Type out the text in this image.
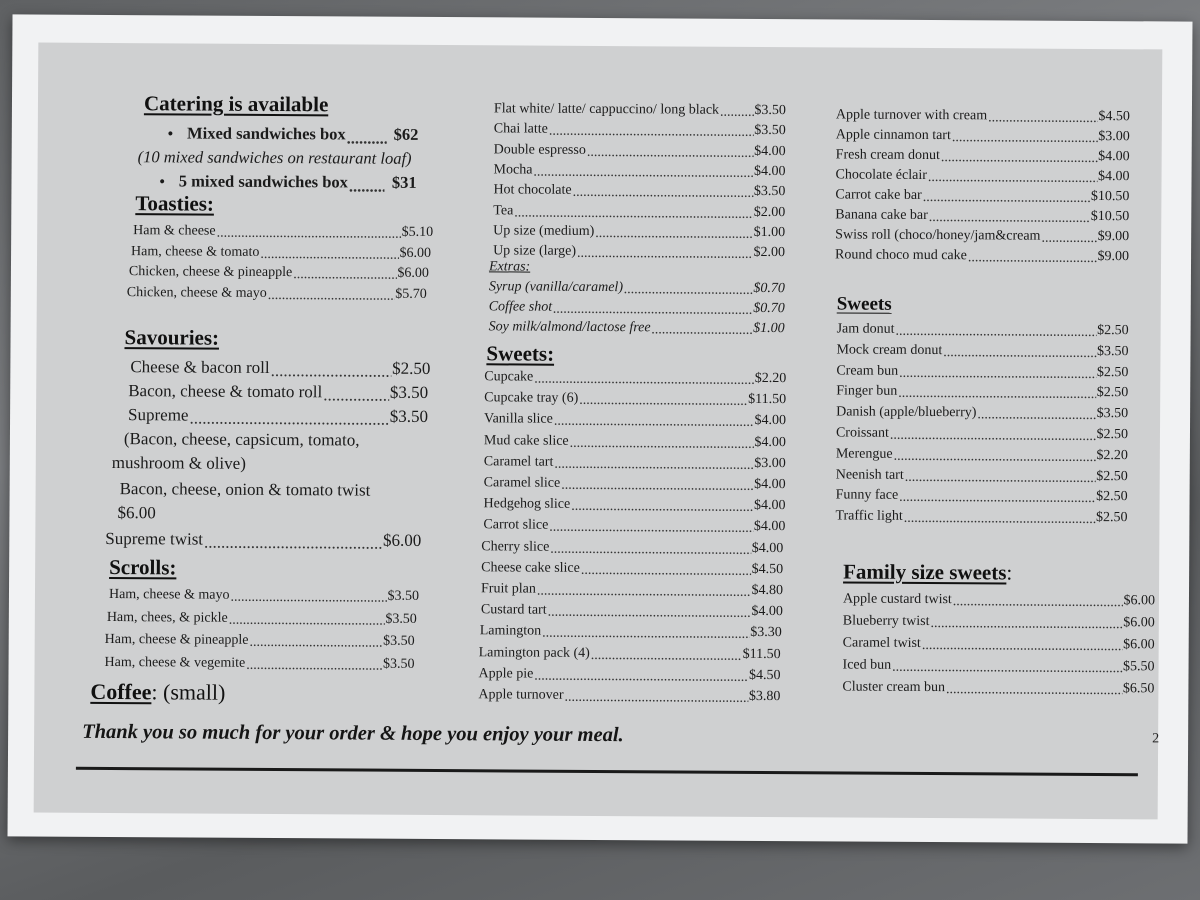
Catering is available
• Mixed sandwiches box .....	$62
(10 mixed sandwiches on restaurant loaf)
• 5 mixed sandwiches box .....	$31
Toasties:
Ham & cheese .....	$5.10
Ham, cheese & tomato .....	$6.00
Chicken, cheese & pineapple .....	$6.00
Chicken, cheese & mayo .....	$5.70
Savouries:
Cheese & bacon roll .....	$2.50
Bacon, cheese & tomato roll .....	$3.50
Supreme .....	$3.50
(Bacon, cheese, capsicum, tomato,
mushroom & olive)
Bacon, cheese, onion & tomato twist
$6.00
Supreme twist .....	$6.00
Scrolls:
Ham, cheese & mayo .....	$3.50
Ham, chees, & pickle .....	$3.50
Ham, cheese & pineapple .....	$3.50
Ham, cheese & vegemite .....	$3.50
Coffee: (small)
Flat white/ latte/ cappuccino/ long black .....	$3.50
Chai latte .....	$3.50
Double espresso .....	$4.00
Mocha .....	$4.00
Hot chocolate .....	$3.50
Tea .....	$2.00
Up size (medium) .....	$1.00
Up size (large) .....	$2.00
Extras:
Syrup (vanilla/caramel) .....	$0.70
Coffee shot .....	$0.70
Soy milk/almond/lactose free .....	$1.00
Sweets:
Cupcake .....	$2.20
Cupcake tray (6) .....	$11.50
Vanilla slice .....	$4.00
Mud cake slice .....	$4.00
Caramel tart .....	$3.00
Caramel slice .....	$4.00
Hedgehog slice .....	$4.00
Carrot slice .....	$4.00
Cherry slice .....	$4.00
Cheese cake slice .....	$4.50
Fruit plan .....	$4.80
Custard tart .....	$4.00
Lamington .....	$3.30
Lamington pack (4) .....	$11.50
Apple pie .....	$4.50
Apple turnover .....	$3.80
Apple turnover with cream .....	$4.50
Apple cinnamon tart .....	$3.00
Fresh cream donut .....	$4.00
Chocolate éclair .....	$4.00
Carrot cake bar .....	$10.50
Banana cake bar .....	$10.50
Swiss roll (choco/honey/jam&cream .....	$9.00
Round choco mud cake .....	$9.00
Sweets
Jam donut .....	$2.50
Mock cream donut .....	$3.50
Cream bun .....	$2.50
Finger bun .....	$2.50
Danish (apple/blueberry) .....	$3.50
Croissant .....	$2.50
Merengue .....	$2.20
Neenish tart .....	$2.50
Funny face .....	$2.50
Traffic light .....	$2.50
Family size sweets:
Apple custard twist .....	$6.00
Blueberry twist .....	$6.00
Caramel twist .....	$6.00
Iced bun .....	$5.50
Cluster cream bun .....	$6.50
Thank you so much for your order & hope you enjoy your meal.	2
